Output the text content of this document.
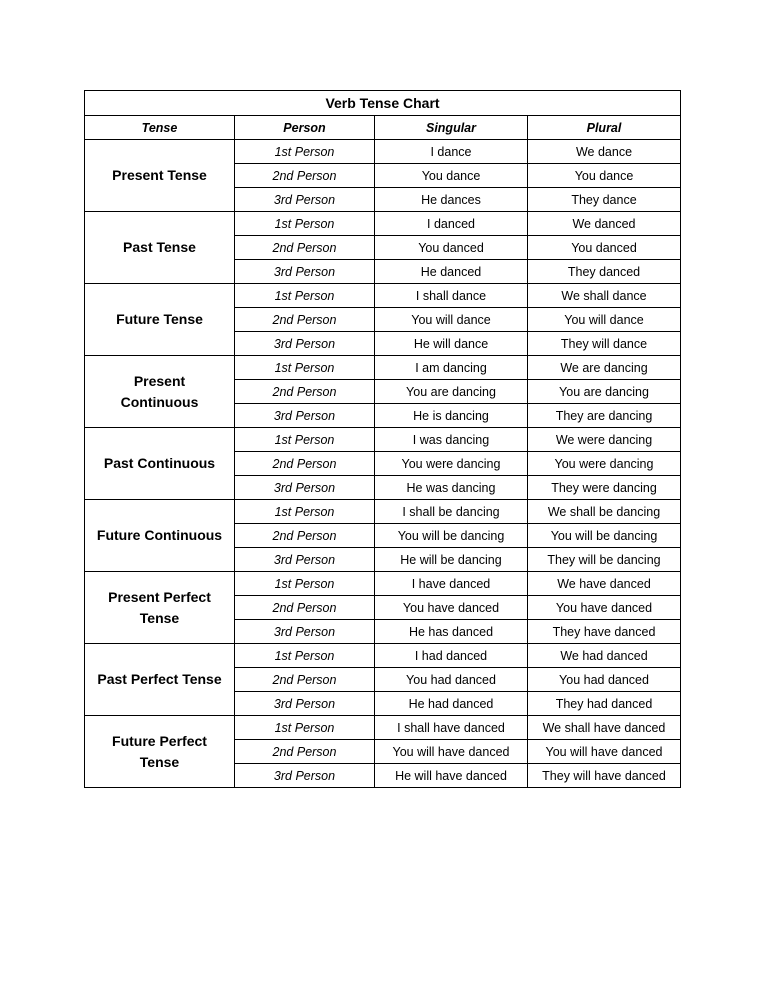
Verb Tense Chart			
Tense	Person	Singular	Plural
Present Tense	1st Person	I dance	We dance
	2nd Person	You dance	You dance
	3rd Person	He dances	They dance
Past Tense	1st Person	I danced	We danced
	2nd Person	You danced	You danced
	3rd Person	He danced	They danced
Future Tense	1st Person	I shall dance	We shall dance
	2nd Person	You will dance	You will dance
	3rd Person	He will dance	They will dance
Present
Continuous	1st Person	I am dancing	We are dancing
	2nd Person	You are dancing	You are dancing
	3rd Person	He is dancing	They are dancing
Past Continuous	1st Person	I was dancing	We were dancing
	2nd Person	You were dancing	You were dancing
	3rd Person	He was dancing	They were dancing
Future Continuous	1st Person	I shall be dancing	We shall be dancing
	2nd Person	You will be dancing	You will be dancing
	3rd Person	He will be dancing	They will be dancing
Present Perfect
Tense	1st Person	I have danced	We have danced
	2nd Person	You have danced	You have danced
	3rd Person	He has danced	They have danced
Past Perfect Tense	1st Person	I had danced	We had danced
	2nd Person	You had danced	You had danced
	3rd Person	He had danced	They had danced
Future Perfect
Tense	1st Person	I shall have danced	We shall have danced
	2nd Person	You will have danced	You will have danced
	3rd Person	He will have danced	They will have danced
